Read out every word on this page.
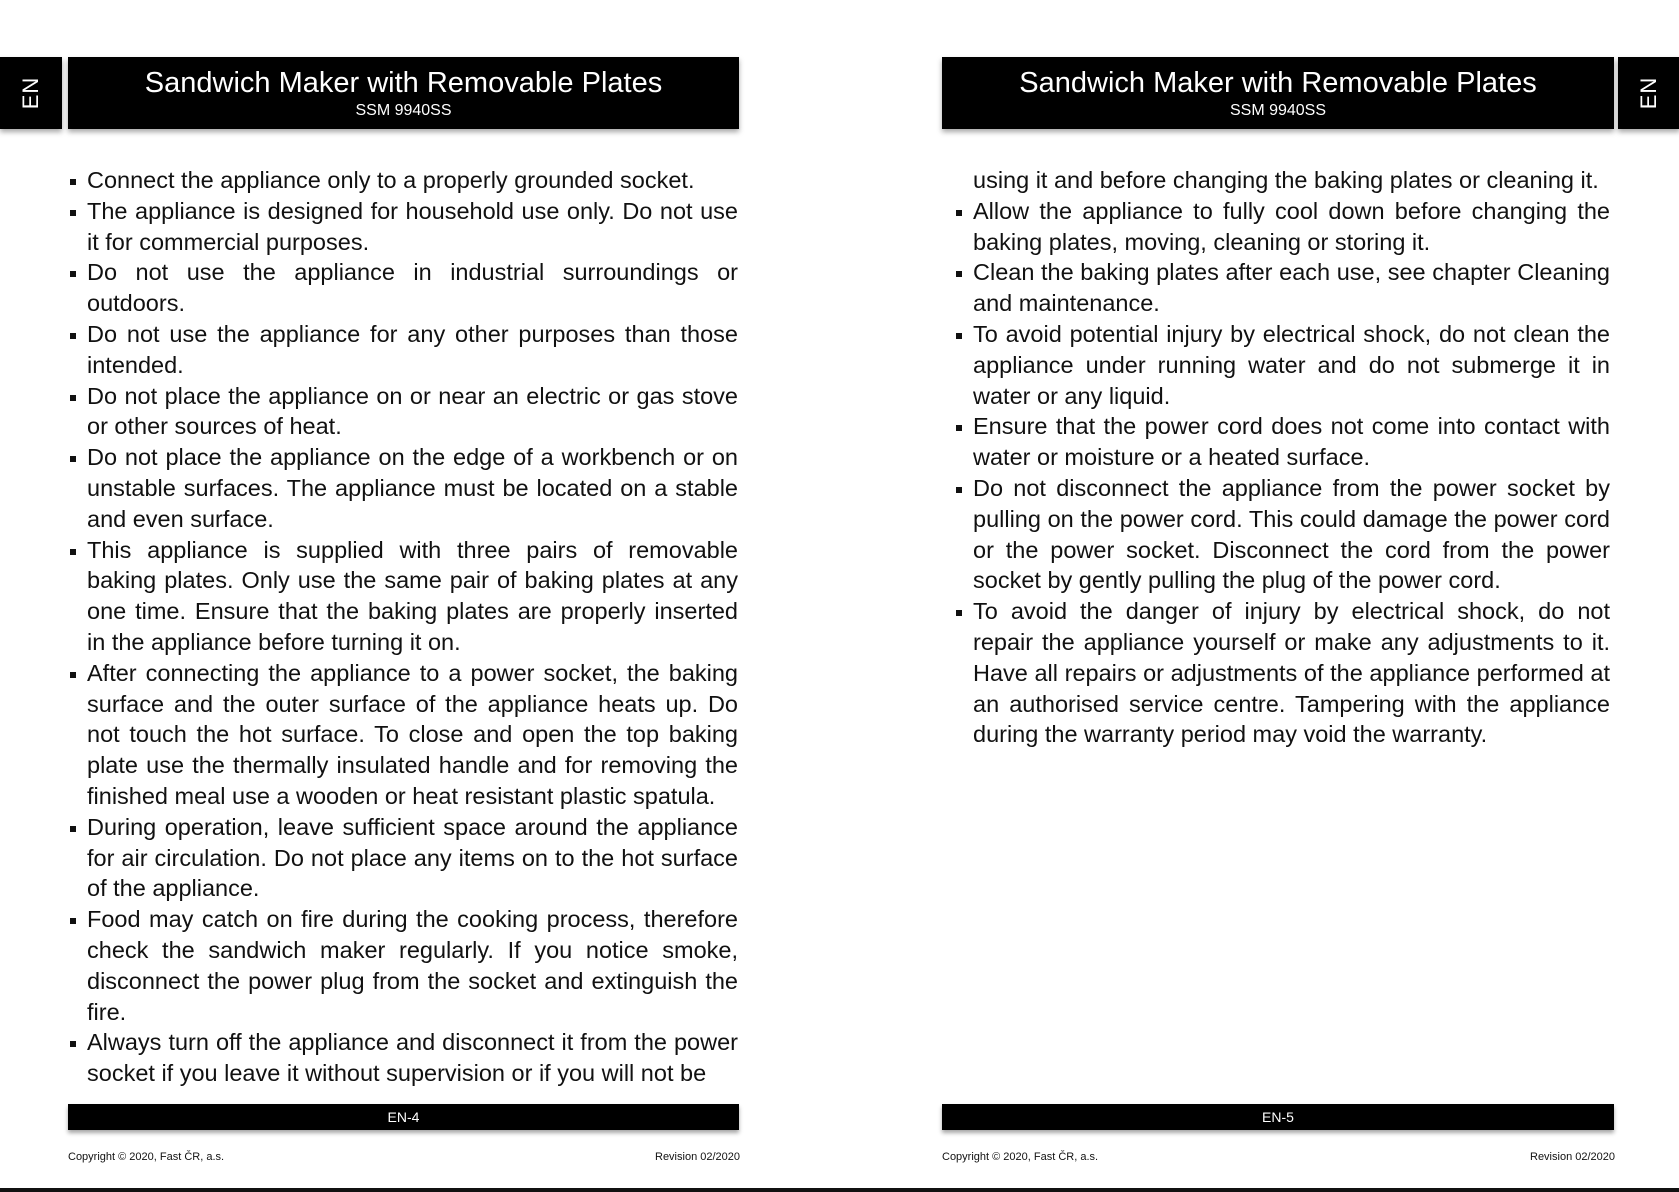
EN	Sandwich Maker with Removable Plates
SSM 9940SS
Connect the appliance only to a properly grounded socket.
The appliance is designed for household use only. Do not use it for commercial purposes.
Do not use the appliance in industrial surroundings or outdoors.
Do not use the appliance for any other purposes than those intended.
Do not place the appliance on or near an electric or gas stove or other sources of heat.
Do not place the appliance on the edge of a workbench or on unstable surfaces. The appliance must be located on a stable and even surface.
This appliance is supplied with three pairs of removable baking plates. Only use the same pair of baking plates at any one time. Ensure that the baking plates are properly inserted in the appliance before turning it on.
After connecting the appliance to a power socket, the baking surface and the outer surface of the appliance heats up. Do not touch the hot surface. To close and open the top baking plate use the thermally insulated handle and for removing the finished meal use a wooden or heat resistant plastic spatula.
During operation, leave sufficient space around the appliance for air circulation. Do not place any items on to the hot surface of the appliance.
Food may catch on fire during the cooking process, therefore check the sandwich maker regularly. If you notice smoke, disconnect the power plug from the socket and extinguish the fire.
Always turn off the appliance and disconnect it from the power socket if you leave it without supervision or if you will not be
EN-4
Copyright © 2020, Fast ČR, a.s.	Revision 02/2020
Sandwich Maker with Removable Plates
SSM 9940SS
EN
using it and before changing the baking plates or cleaning it.
Allow the appliance to fully cool down before changing the baking plates, moving, cleaning or storing it.
Clean the baking plates after each use, see chapter Cleaning and maintenance.
To avoid potential injury by electrical shock, do not clean the appliance under running water and do not submerge it in water or any liquid.
Ensure that the power cord does not come into contact with water or moisture or a heated surface.
Do not disconnect the appliance from the power socket by pulling on the power cord. This could damage the power cord or the power socket. Disconnect the cord from the power socket by gently pulling the plug of the power cord.
To avoid the danger of injury by electrical shock, do not repair the appliance yourself or make any adjustments to it. Have all repairs or adjustments of the appliance performed at an authorised service centre. Tampering with the appliance during the warranty period may void the warranty.
EN-5
Copyright © 2020, Fast ČR, a.s.	Revision 02/2020
